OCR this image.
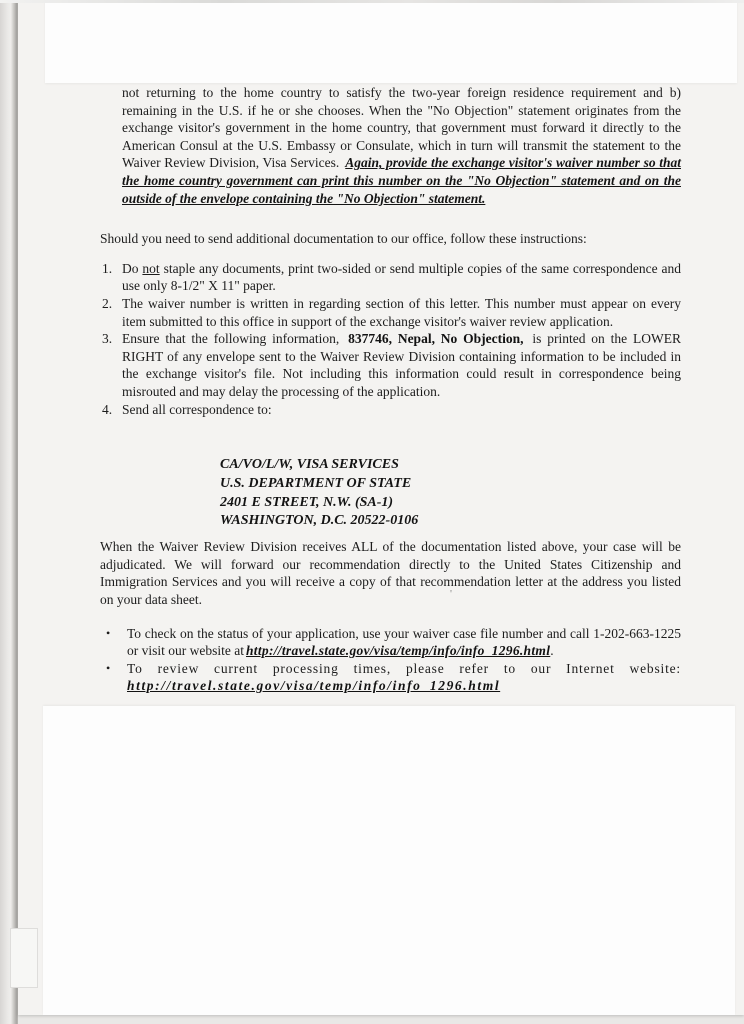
not returning to the home country to satisfy the two-year foreign residence requirement and b) remaining in the U.S. if he or she chooses. When the "No Objection" statement originates from the exchange visitor's government in the home country, that government must forward it directly to the American Consul at the U.S. Embassy or Consulate, which in turn will transmit the statement to the Waiver Review Division, Visa Services. Again, provide the exchange visitor's waiver number so that the home country government can print this number on the "No Objection" statement and on the outside of the envelope containing the "No Objection" statement.

Should you need to send additional documentation to our office, follow these instructions:

1. Do not staple any documents, print two-sided or send multiple copies of the same correspondence and use only 8-1/2" X 11" paper.
2. The waiver number is written in regarding section of this letter. This number must appear on every item submitted to this office in support of the exchange visitor's waiver review application.
3. Ensure that the following information, 837746, Nepal, No Objection, is printed on the LOWER RIGHT of any envelope sent to the Waiver Review Division containing information to be included in the exchange visitor's file. Not including this information could result in correspondence being misrouted and may delay the processing of the application.
4. Send all correspondence to:
CA/VO/L/W, VISA SERVICES
U.S. DEPARTMENT OF STATE
2401 E STREET, N.W. (SA-1)
WASHINGTON, D.C. 20522-0106

When the Waiver Review Division receives ALL of the documentation listed above, your case will be adjudicated. We will forward our recommendation directly to the United States Citizenship and Immigration Services and you will receive a copy of that recommendation letter at the address you listed on your data sheet.

•	To check on the status of your application, use your waiver case file number and call 1-202-663-1225 or visit our website at http://travel.state.gov/visa/temp/info/info_1296.html.
•	To review current processing times, please refer to our Internet website:
http://travel.state.gov/visa/temp/info/info_1296.html
'
